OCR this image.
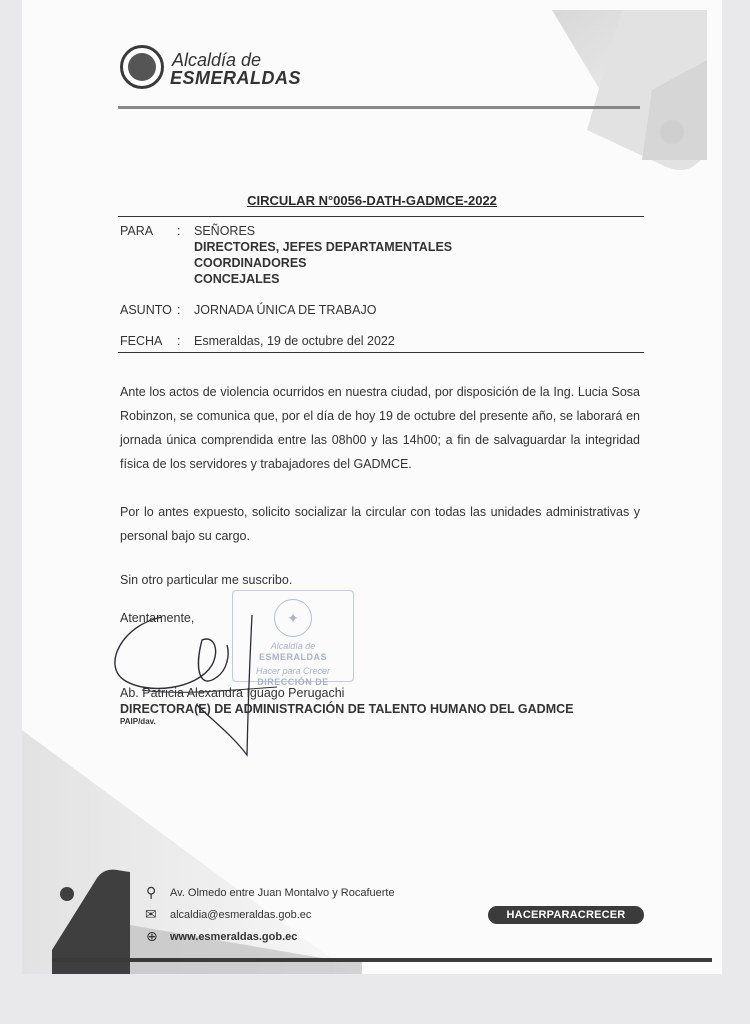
Alcaldía de
ESMERALDAS
CIRCULAR N°0056-DATH-GADMCE-2022
PARA : SEÑORES
DIRECTORES, JEFES DEPARTAMENTALES
COORDINADORES
CONCEJALES
ASUNTO : JORNADA ÚNICA DE TRABAJO
FECHA : Esmeraldas, 19 de octubre del 2022
Ante los actos de violencia ocurridos en nuestra ciudad, por disposición de la Ing. Lucia Sosa Robinzon, se comunica que, por el día de hoy 19 de octubre del presente año, se laborará en jornada única comprendida entre las 08h00 y las 14h00; a fin de salvaguardar la integridad física de los servidores y trabajadores del GADMCE.
Por lo antes expuesto, solicito socializar la circular con todas las unidades administrativas y personal bajo su cargo.
Sin otro particular me suscribo.
Atentamente,	✦
Alcaldía de
ESMERALDAS
Hacer para Crecer
DIRECCIÓN DE
Ab. Patricia Alexandra Iguago Perugachi
DIRECTORA(E) DE ADMINISTRACIÓN DE TALENTO HUMANO DEL GADMCE
PAIP/dav.
⚲ Av. Olmedo entre Juan Montalvo y Rocafuerte
✉ alcaldia@esmeraldas.gob.ec
⊕ www.esmeraldas.gob.ec
HACERPARACRECER
